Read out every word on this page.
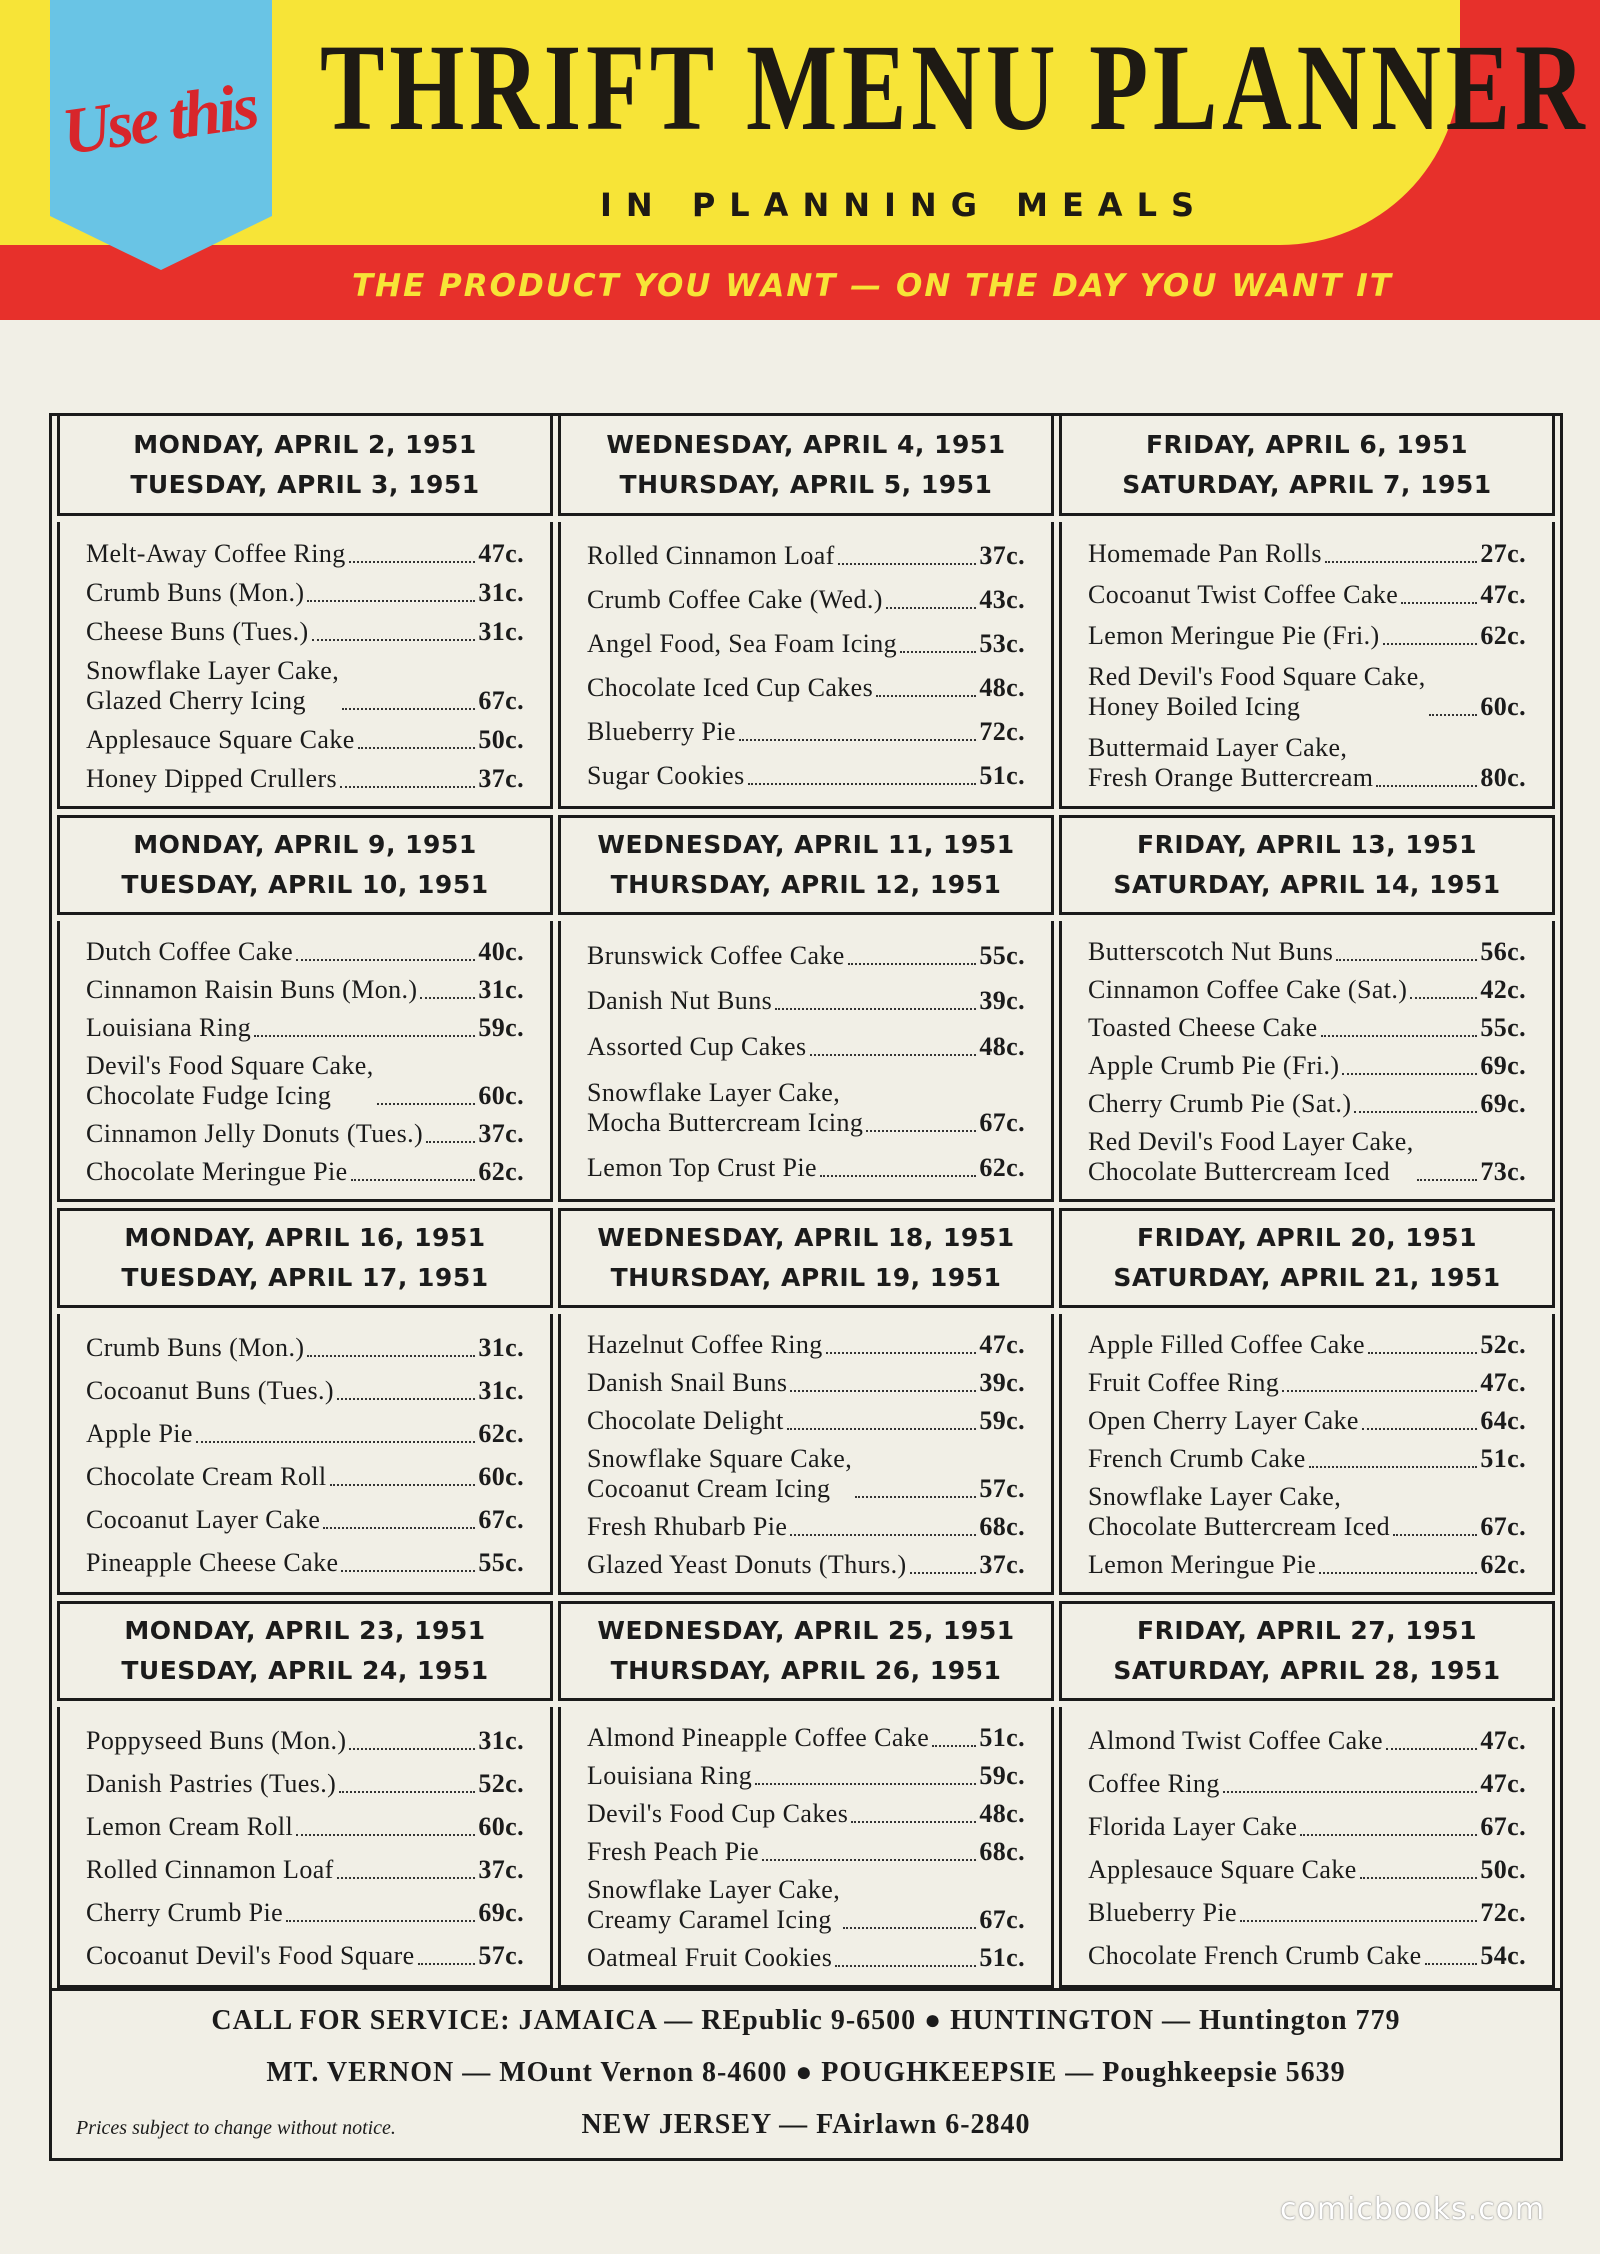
Use this THRIFT MENU PLANNER
IN PLANNING MEALS
THE PRODUCT YOU WANT — ON THE DAY YOU WANT IT
MONDAY, APRIL 2, 1951
TUESDAY, APRIL 3, 1951
Melt-Away Coffee Ring	47c.
Crumb Buns (Mon.)	31c.
Cheese Buns (Tues.)	31c.
Snowflake Layer Cake,
Glazed Cherry Icing	67c.
Applesauce Square Cake	50c.
Honey Dipped Crullers	37c.
MONDAY, APRIL 9, 1951
TUESDAY, APRIL 10, 1951
Dutch Coffee Cake	40c.
Cinnamon Raisin Buns (Mon.) 31c.
Louisiana Ring	59c.
Devil's Food Square Cake,
Chocolate Fudge Icing	60c.
Cinnamon Jelly Donuts (Tues.) 37c.
Chocolate Meringue Pie	62c.
MONDAY, APRIL 16, 1951
TUESDAY, APRIL 17, 1951
Crumb Buns (Mon.)	31c.
Cocoanut Buns (Tues.)	31c.
Apple Pie	62c.
Chocolate Cream Roll	60c.
Cocoanut Layer Cake	67c.
Pineapple Cheese Cake	55c.
MONDAY, APRIL 23, 1951
TUESDAY, APRIL 24, 1951
Poppyseed Buns (Mon.)	31c.
Danish Pastries (Tues.)	52c.
Lemon Cream Roll	60c.
Rolled Cinnamon Loaf	37c.
Cherry Crumb Pie	69c.
Cocoanut Devil's Food Square 57c.
WEDNESDAY, APRIL 4, 1951
THURSDAY, APRIL 5, 1951
Rolled Cinnamon Loaf	37c.
Crumb Coffee Cake (Wed.)	43c.
Angel Food, Sea Foam Icing	53c.
Chocolate Iced Cup Cakes	48c.
Blueberry Pie	72c.
Sugar Cookies	51c.
WEDNESDAY, APRIL 11, 1951
THURSDAY, APRIL 12, 1951
Brunswick Coffee Cake	55c.
Danish Nut Buns	39c.
Assorted Cup Cakes	48c.
Snowflake Layer Cake,
Mocha Buttercream Icing	67c.
Lemon Top Crust Pie	62c.
WEDNESDAY, APRIL 18, 1951
THURSDAY, APRIL 19, 1951
Hazelnut Coffee Ring	47c.
Danish Snail Buns	39c.
Chocolate Delight	59c.
Snowflake Square Cake,
Cocoanut Cream Icing	57c.
Fresh Rhubarb Pie	68c.
Glazed Yeast Donuts (Thurs.)	37c.
WEDNESDAY, APRIL 25, 1951
THURSDAY, APRIL 26, 1951
Almond Pineapple Coffee Cake 51c.
Louisiana Ring	59c.
Devil's Food Cup Cakes	48c.
Fresh Peach Pie	68c.
Snowflake Layer Cake,
Creamy Caramel Icing	67c.
Oatmeal Fruit Cookies	51c.
FRIDAY, APRIL 6, 1951
SATURDAY, APRIL 7, 1951
Homemade Pan Rolls	27c.
Cocoanut Twist Coffee Cake	47c.
Lemon Meringue Pie (Fri.)	62c.
Red Devil's Food Square Cake,
Honey Boiled Icing	60c.
Buttermaid Layer Cake,
Fresh Orange Buttercream	80c.
FRIDAY, APRIL 13, 1951
SATURDAY, APRIL 14, 1951
Butterscotch Nut Buns	56c.
Cinnamon Coffee Cake (Sat.)	42c.
Toasted Cheese Cake	55c.
Apple Crumb Pie (Fri.)	69c.
Cherry Crumb Pie (Sat.)	69c.
Red Devil's Food Layer Cake,
Chocolate Buttercream Iced	73c.
FRIDAY, APRIL 20, 1951
SATURDAY, APRIL 21, 1951
Apple Filled Coffee Cake	52c.
Fruit Coffee Ring	47c.
Open Cherry Layer Cake	64c.
French Crumb Cake	51c.
Snowflake Layer Cake,
Chocolate Buttercream Iced	67c.
Lemon Meringue Pie	62c.
FRIDAY, APRIL 27, 1951
SATURDAY, APRIL 28, 1951
Almond Twist Coffee Cake	47c.
Coffee Ring	47c.
Florida Layer Cake	67c.
Applesauce Square Cake	50c.
Blueberry Pie	72c.
Chocolate French Crumb Cake 54c.
CALL FOR SERVICE: JAMAICA — REpublic 9-6500 ● HUNTINGTON — Huntington 779
MT. VERNON — MOunt Vernon 8-4600 ● POUGHKEEPSIE — Poughkeepsie 5639
NEW JERSEY — FAirlawn 6-2840
Prices subject to change without notice.
comicbooks.com
